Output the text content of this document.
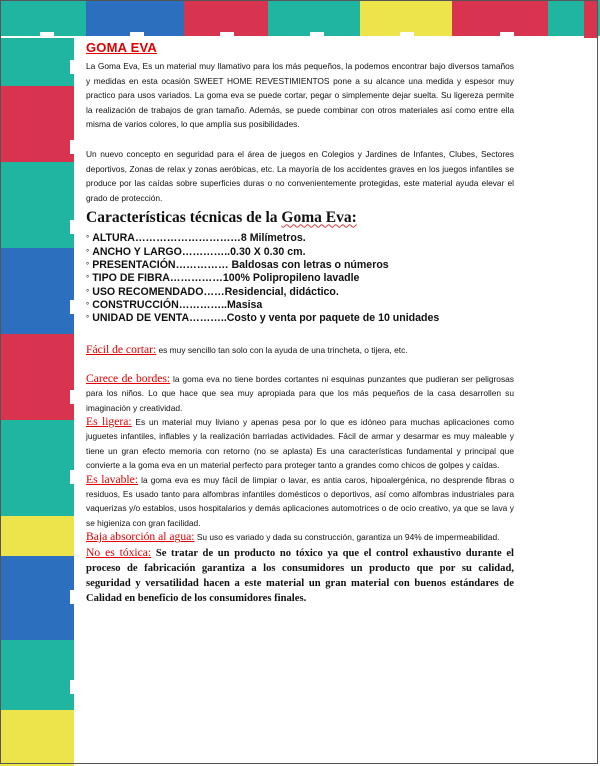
GOMA EVA

La Goma Eva, Es un material muy llamativo para los más pequeños, la podemos encontrar bajo diversos tamaños y medidas en esta ocasión SWEET HOME REVESTIMIENTOS pone a su alcance una medida y espesor muy practico para usos variados. La goma eva se puede cortar, pegar o simplemente dejar suelta. Su ligereza permite la realización de trabajos de gran tamaño. Además, se puede combinar con otros materiales así como entre ella misma de varios colores, lo que amplía sus posibilidades.

Un nuevo concepto en seguridad para el área de juegos en Colegios y Jardines de Infantes, Clubes, Sectores deportivos, Zonas de relax y zonas aeróbicas, etc. La mayoría de los accidentes graves en los juegos infantiles se produce por las caídas sobre superficies duras o no convenientemente protegidas, este material ayuda elevar el grado de protección.

Características técnicas de la Goma Eva:
° ALTURA…………………………8 Milímetros.
° ANCHO Y LARGO…………..0.30 X 0.30 cm.
° PRESENTACIÓN…………… Baldosas con letras o números
° TIPO DE FIBRA……………100% Polipropileno lavadle
° USO RECOMENDADO……Residencial, didáctico.
° CONSTRUCCIÓN…………..Masisa
° UNIDAD DE VENTA………..Costo y venta por paquete de 10 unidades

Fácil de cortar: es muy sencillo tan solo con la ayuda de una trincheta, o tijera, etc.

Carece de bordes: la goma eva no tiene bordes cortantes ni esquinas punzantes que pudieran ser peligrosas para los niños. Lo que hace que sea muy apropiada para que los más pequeños de la casa desarrollen su imaginación y creatividad.

Es ligera: Es un material muy liviano y apenas pesa por lo que es idóneo para muchas aplicaciones como juguetes infantiles, inflables y la realización barriadas actividades. Fácil de armar y desarmar es muy maleable y tiene un gran efecto memoria con retorno (no se aplasta) Es una características fundamental y principal que convierte a la goma eva en un material perfecto para proteger tanto a grandes como chicos de golpes y caídas.

Es lavable: la goma eva es muy fácil de limpiar o lavar, es antia caros, hipoalergénica, no desprende fibras o residuos, Es usado tanto para alfombras infantiles domésticos o deportivos, así como alfombras industriales para vaquerizas y/o establos, usos hospitalarios y demás aplicaciones automotrices o de ocio creativo, ya que se lava y se higieniza con gran facilidad.

Baja absorción al agua: Su uso es variado y dada su construcción, garantiza un 94% de impermeabilidad.

No es tóxica: Se tratar de un producto no tóxico ya que el control exhaustivo durante el proceso de fabricación garantiza a los consumidores un producto que por su calidad, seguridad y versatilidad hacen a este material un gran material con buenos estándares de Calidad en beneficio de los consumidores finales.
